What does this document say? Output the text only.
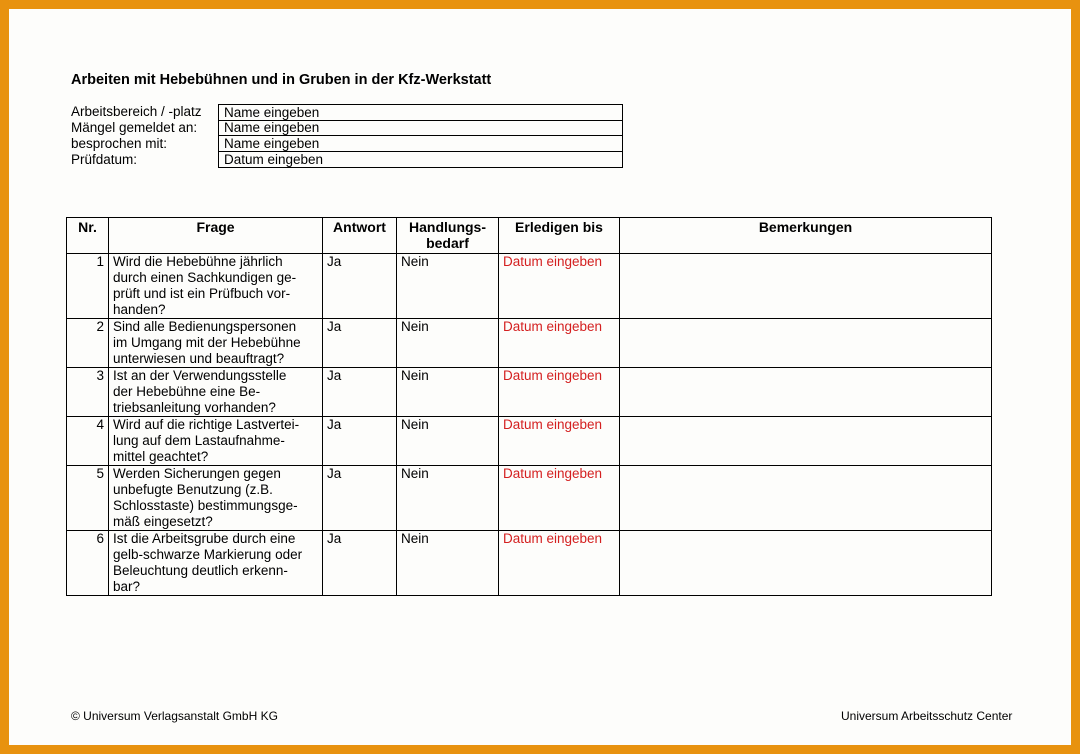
Arbeiten mit Hebebühnen und in Gruben in der Kfz-Werkstatt
Arbeitsbereich / -platz	Name eingeben
Mängel gemeldet an:	Name eingeben
besprochen mit:	Name eingeben
Prüfdatum:	Datum eingeben
Nr.	Frage	Antwort	Handlungs-
bedarf	Erledigen bis	Bemerkungen
1	Wird die Hebebühne jährlich
durch einen Sachkundigen ge-
prüft und ist ein Prüfbuch vor-
handen?	Ja	Nein	Datum eingeben	
2	Sind alle Bedienungspersonen
im Umgang mit der Hebebühne
unterwiesen und beauftragt?	Ja	Nein	Datum eingeben	
3	Ist an der Verwendungsstelle
der Hebebühne eine Be-
triebsanleitung vorhanden?	Ja	Nein	Datum eingeben	
4	Wird auf die richtige Lastvertei-
lung auf dem Lastaufnahme-
mittel geachtet?	Ja	Nein	Datum eingeben	
5	Werden Sicherungen gegen
unbefugte Benutzung (z.B.
Schlosstaste) bestimmungsge-
mäß eingesetzt?	Ja	Nein	Datum eingeben	
6	Ist die Arbeitsgrube durch eine
gelb-schwarze Markierung oder
Beleuchtung deutlich erkenn-
bar?	Ja	Nein	Datum eingeben	
© Universum Verlagsanstalt GmbH KG	Universum Arbeitsschutz Center
